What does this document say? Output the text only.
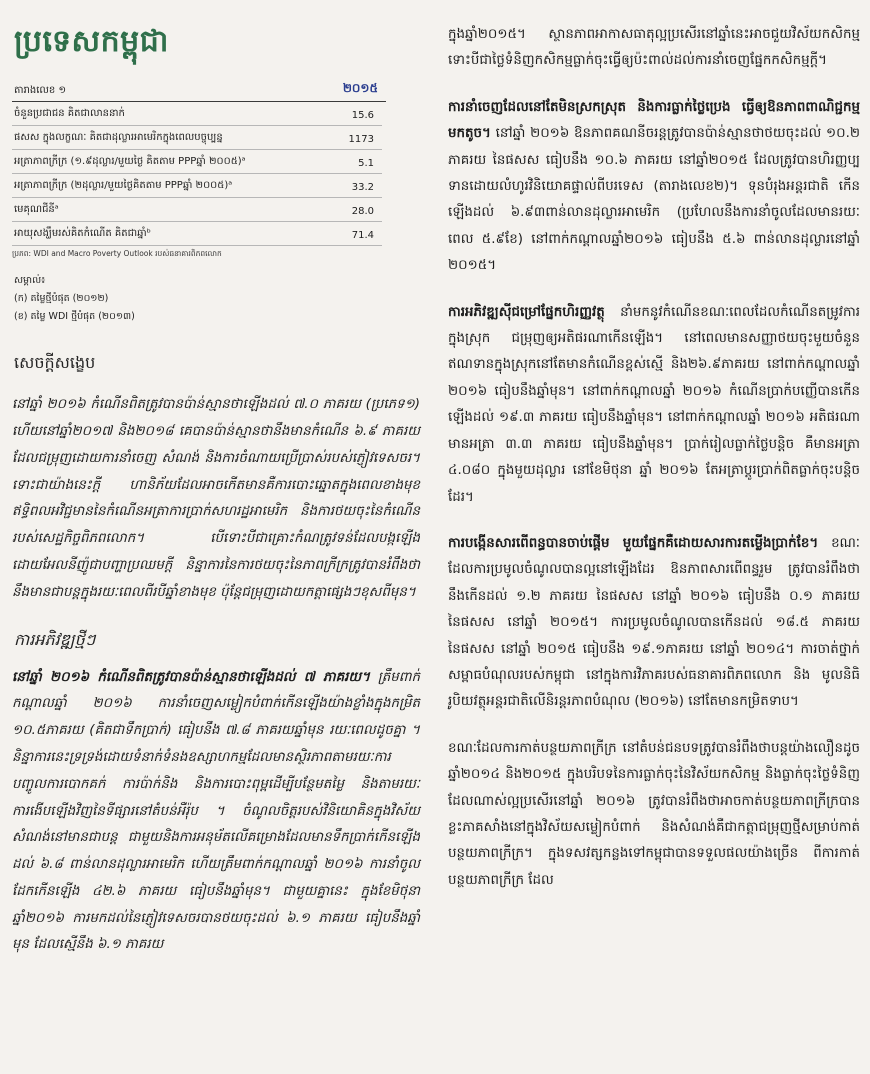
ប្រទេសកម្ពុជា
តារាងលេខ ១	២០១៥
ចំនួនប្រជាជន គិតជាលាននាក់	15.6
ផសស ក្នុងលក្ខណៈ គិតជាដុល្លារអាមេរិកក្នុងពេលបច្ចុប្បន្ន	1173
អត្រាភាពក្រីក្រ (១.៩ដុល្លារ/មួយថ្ងៃ គិតតាម PPPឆ្នាំ ២០០៥)ᵃ	5.1
អត្រាភាពក្រីក្រ (២ដុល្លារ/មួយថ្ងៃគិតតាម PPPឆ្នាំ ២០០៥)ᵃ	33.2
មេគុណជីនីᵃ	28.0
អាយុសង្ឃឹមរស់គិតកំណើត គិតជាឆ្នាំᵇ	71.4
ប្រភព: WDI and Macro Poverty Outlook របស់ធនាគារពិភពលោក
សម្គាល់៖
(ក) តម្លៃថ្មីបំផុត (២០១២)
(ខ) តម្លៃ WDI ថ្មីបំផុត (២០១៣)
សេចក្តីសង្ខេប

នៅឆ្នាំ ២០១៦ កំណើនពិតត្រូវបានប៉ាន់ស្មានថាឡើងដល់ ៧.០ ភាគរយ (ប្រភេទ១) ហើយនៅឆ្នាំ២០១៧ និង២០១៨ គេបានប៉ាន់ស្មានថានឹងមានកំណើន ៦.៩ ភាគរយ ដែលជម្រុញដោយការនាំចេញ សំណង់ និងការចំណាយប្រើប្រាស់របស់ភ្ញៀវទេសចរ។ ទោះជាយ៉ាងនេះក្តី ហានិភ័យដែលអាចកើតមានគឺការបោះឆ្នោតក្នុងពេលខាងមុខ ឥទ្ធិពលអវិជ្ជមាននៃកំណើនអត្រាការប្រាក់សហរដ្ឋអាមេរិក និងការថយចុះនៃកំណើនរបស់សេដ្ឋកិច្ចពិភពលោក។ បើទោះបីជាគ្រោះកំណត្រូវទន់ដែលបង្កឡើងដោយអែលនីញ៉ូជាបញ្ហាប្រឈមក្តី និន្នាការនៃការថយចុះនៃភាពក្រីក្រត្រូវបានរំពឹងថានឹងមានជាបន្តក្នុងរយៈពេលពីរបីឆ្នាំខាងមុខ ប៉ុន្តែជម្រុញដោយកត្តាផ្សេងៗខុសពីមុន។

ការអភិវឌ្ឍថ្មីៗ

នៅឆ្នាំ ២០១៦ កំណើនពិតត្រូវបានប៉ាន់ស្មានថាឡើងដល់ ៧ ភាគរយ។ ត្រឹមពាក់កណ្តាលឆ្នាំ ២០១៦ ការនាំចេញសម្លៀកបំពាក់កើនឡើងយ៉ាងខ្លាំងក្នុងកម្រិត ១០.៥ភាគរយ (គិតជាទឹកប្រាក់) ធៀបនឹង ៧.៨ ភាគរយឆ្នាំមុន រយៈពេលដូចគ្នា ។ និន្នាការនេះទ្រទ្រង់ដោយទំនាក់ទំនងឧស្សាហកម្មដែលមានស្ថិរភាពតាមរយៈការបញ្ចូលការបោកគក់ ការប៉ាក់និង និងការបោះពុម្ពដើម្បីបន្ថែមតម្លៃ និងតាមរយៈការងើបឡើងវិញនៃទីផ្សារនៅតំបន់អឺរ៉ុប ។ ចំណូលចិត្តរបស់វិនិយោគិនក្នុងវិស័យសំណង់នៅមានជាបន្ត ជាមួយនិងការអនុម័តលើគម្រោងដែលមានទឹកប្រាក់កើនឡើងដល់ ៦.៨ ពាន់លានដុល្លារអាមេរិក ហើយត្រឹមពាក់កណ្តាលឆ្នាំ ២០១៦ ការនាំចូលដែកកើនឡើង ៤២.៦ ភាគរយ ធៀបនឹងឆ្នាំមុន។ ជាមួយគ្នានេះ ក្នុងខែមិថុនា ឆ្នាំ២០១៦ ការមកដល់នៃភ្ញៀវទេសចរបានថយចុះដល់ ៦.១ ភាគរយ ធៀបនឹងឆ្នាំមុន ដែលស្មើនឹង ៦.១ ភាគរយ

ក្នុងឆ្នាំ២០១៥។ ស្ថានភាពអាកាសធាតុល្អប្រសើរនៅឆ្នាំនេះអាចជួយវិស័យកសិកម្ម ទោះបីជាថ្លៃទំនិញកសិកម្មធ្លាក់ចុះធ្វើឲ្យប៉ះពាល់ដល់ការនាំចេញផ្នែកកសិកម្មក្តី។

ការនាំចេញដែលនៅតែមិនស្រកស្រុត និងការធ្លាក់ថ្លៃប្រេង ធ្វើឲ្យឱនភាពពាណិជ្ជកម្មមកតូច។ នៅឆ្នាំ ២០១៦ ឱនភាពគណនីចរន្តត្រូវបានប៉ាន់ស្មានថាថយចុះដល់ ១០.២ ភាគរយ នៃផសស ធៀបនឹង ១០.៦ ភាគរយ នៅឆ្នាំ២០១៥ ដែលត្រូវបានហិរញ្ញប្បទានដោយលំហូរវិនិយោគផ្ទាល់ពីបរទេស (តារាងលេខ២)។ ទុនបំរុងអន្តរជាតិ កើនឡើងដល់ ៦.៩៣ពាន់លានដុល្លារអាមេរិក (ប្រហែលនឹងការនាំចូលដែលមានរយៈពេល ៥.៩ខែ) នៅពាក់កណ្តាលឆ្នាំ២០១៦ ធៀបនឹង ៥.៦ ពាន់លានដុល្លារនៅឆ្នាំ ២០១៥។

ការអភិវឌ្ឍស៊ីជម្រៅផ្នែកហិរញ្ញវត្ថុ នាំមកនូវកំណើនខណៈពេលដែលកំណើនតម្រូវការក្នុងស្រុក ជម្រុញឲ្យអតិផរណាកើនឡើង។ នៅពេលមានសញ្ញាថយចុះមួយចំនួន ឥណទានក្នុងស្រុកនៅតែមានកំណើនខ្ពស់ស្មើ និង២៦.៩ភាគរយ នៅពាក់កណ្តាលឆ្នាំ ២០១៦ ធៀបនឹងឆ្នាំមុន។ នៅពាក់កណ្តាលឆ្នាំ ២០១៦ កំណើនប្រាក់បញ្ញើបានកើនឡើងដល់ ១៩.៣ ភាគរយ ធៀបនឹងឆ្នាំមុន។ នៅពាក់កណ្តាលឆ្នាំ ២០១៦ អតិផរណាមានអត្រា ៣.៣ ភាគរយ ធៀបនឹងឆ្នាំមុន។ ប្រាក់រៀលធ្លាក់ថ្លៃបន្តិច គឺមានអត្រា ៤.០៨០ ក្នុងមួយដុល្លារ នៅខែមិថុនា ឆ្នាំ ២០១៦ តែអត្រាប្តូរប្រាក់ពិតធ្លាក់ចុះបន្តិចដែរ។

ការបង្កើនសារពើពន្ធបានចាប់ផ្តើម មួយផ្នែកគឺដោយសារការតម្លើងប្រាក់ខែ។ ខណៈដែលការប្រមូលចំណូលបានល្អនៅឡើងដែរ ឱនភាពសារពើពន្ធរួម ត្រូវបានរំពឹងថានឹងកើនដល់ ១.២ ភាគរយ នៃផសស នៅឆ្នាំ ២០១៦ ធៀបនឹង ០.១ ភាគរយ នៃផសស នៅឆ្នាំ ២០១៥។ ការប្រមូលចំណូលបានកើនដល់ ១៨.៥ ភាគរយ នៃផសស នៅឆ្នាំ ២០១៥ ធៀបនឹង ១៩.១ភាគរយ នៅឆ្នាំ ២០១៤។ ការចាត់ថ្នាក់សម្ពាធបំណុលរបស់កម្ពុជា នៅក្នុងការវិភាគរបស់ធនាគារពិភពលោក និង មូលនិធិរូបិយវត្ថុអន្តរជាតិលើនិរន្តរភាពបំណុល (២០១៦) នៅតែមានកម្រិតទាប។

ខណៈដែលការកាត់បន្ថយភាពក្រីក្រ នៅតំបន់ជនបទត្រូវបានរំពឹងថាបន្តយ៉ាងលឿនដូចឆ្នាំ២០១៤ និង២០១៥ ក្នុងបរិបទនៃការធ្លាក់ចុះនៃវិស័យកសិកម្ម និងធ្លាក់ចុះថ្លៃទំនិញដែលណាស់ល្អប្រសើរនៅឆ្នាំ ២០១៦ ត្រូវបានរំពឹងថាអាចកាត់បន្ថយភាពក្រីក្របានខ្លះភាគសាំងនៅក្នុងវិស័យសម្លៀកបំពាក់ និងសំណង់គឺជាកត្តាជម្រុញថ្មីសម្រាប់កាត់បន្ថយភាពក្រីក្រ។ ក្នុងទសវត្សកន្លងទៅកម្ពុជាបានទទួលផលយ៉ាងច្រើន ពីការកាត់បន្ថយភាពក្រីក្រ ដែល
